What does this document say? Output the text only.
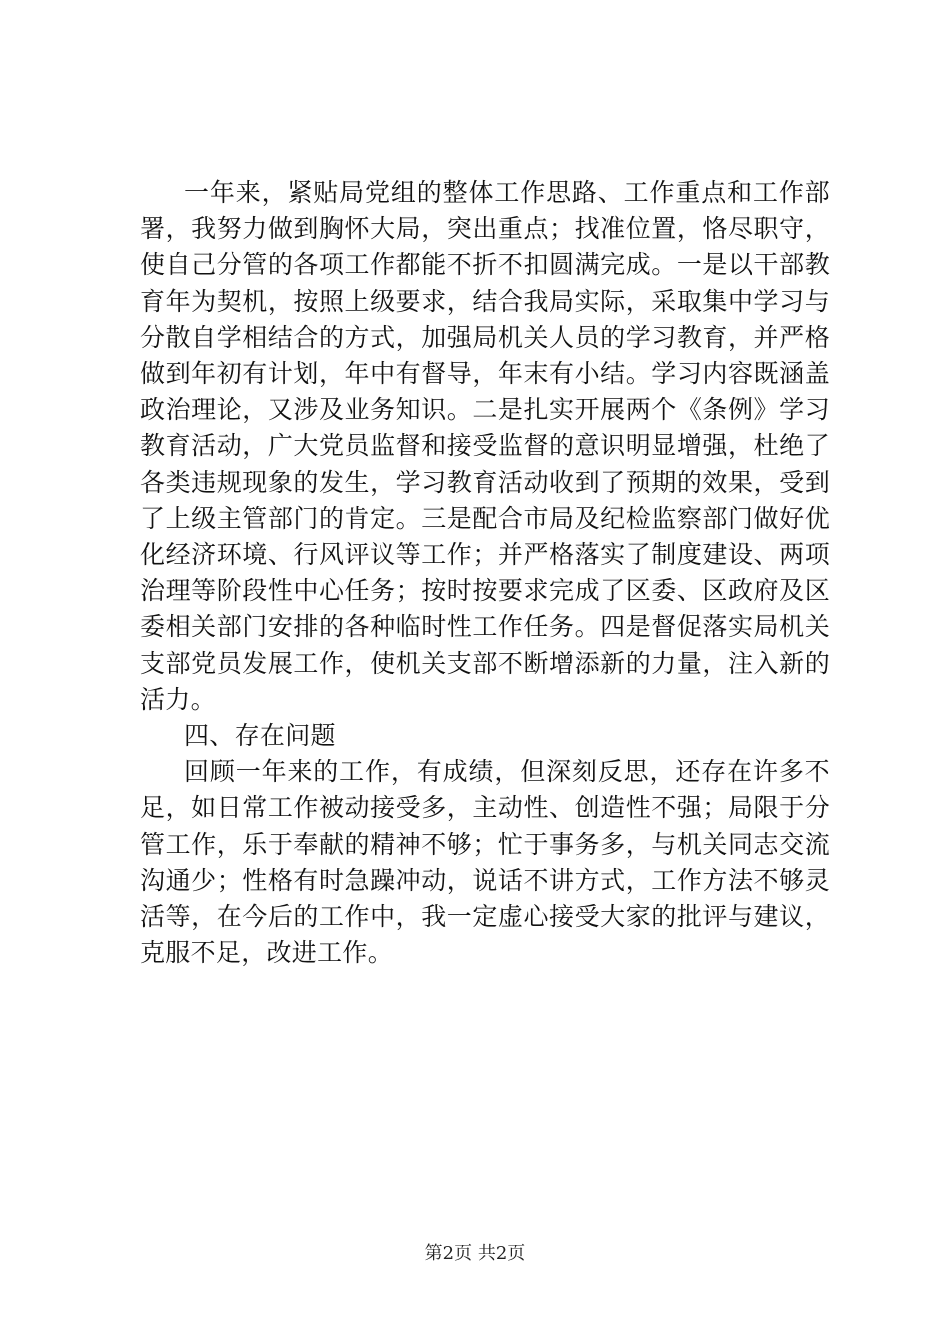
一年来，紧贴局党组的整体工作思路、工作重点和工作部署，我努力做到胸怀大局，突出重点；找准位置，恪尽职守，使自己分管的各项工作都能不折不扣圆满完成。一是以干部教育年为契机，按照上级要求，结合我局实际，采取集中学习与分散自学相结合的方式，加强局机关人员的学习教育，并严格做到年初有计划，年中有督导，年末有小结。学习内容既涵盖政治理论，又涉及业务知识。二是扎实开展两个《条例》学习教育活动，广大党员监督和接受监督的意识明显增强，杜绝了各类违规现象的发生，学习教育活动收到了预期的效果，受到了上级主管部门的肯定。三是配合市局及纪检监察部门做好优化经济环境、行风评议等工作；并严格落实了制度建设、两项治理等阶段性中心任务；按时按要求完成了区委、区政府及区委相关部门安排的各种临时性工作任务。四是督促落实局机关支部党员发展工作，使机关支部不断增添新的力量，注入新的活力。

四、存在问题

回顾一年来的工作，有成绩，但深刻反思，还存在许多不足，如日常工作被动接受多，主动性、创造性不强；局限于分管工作，乐于奉献的精神不够；忙于事务多，与机关同志交流沟通少；性格有时急躁冲动，说话不讲方式，工作方法不够灵活等，在今后的工作中，我一定虚心接受大家的批评与建议，克服不足，改进工作。

第2页 共2页
